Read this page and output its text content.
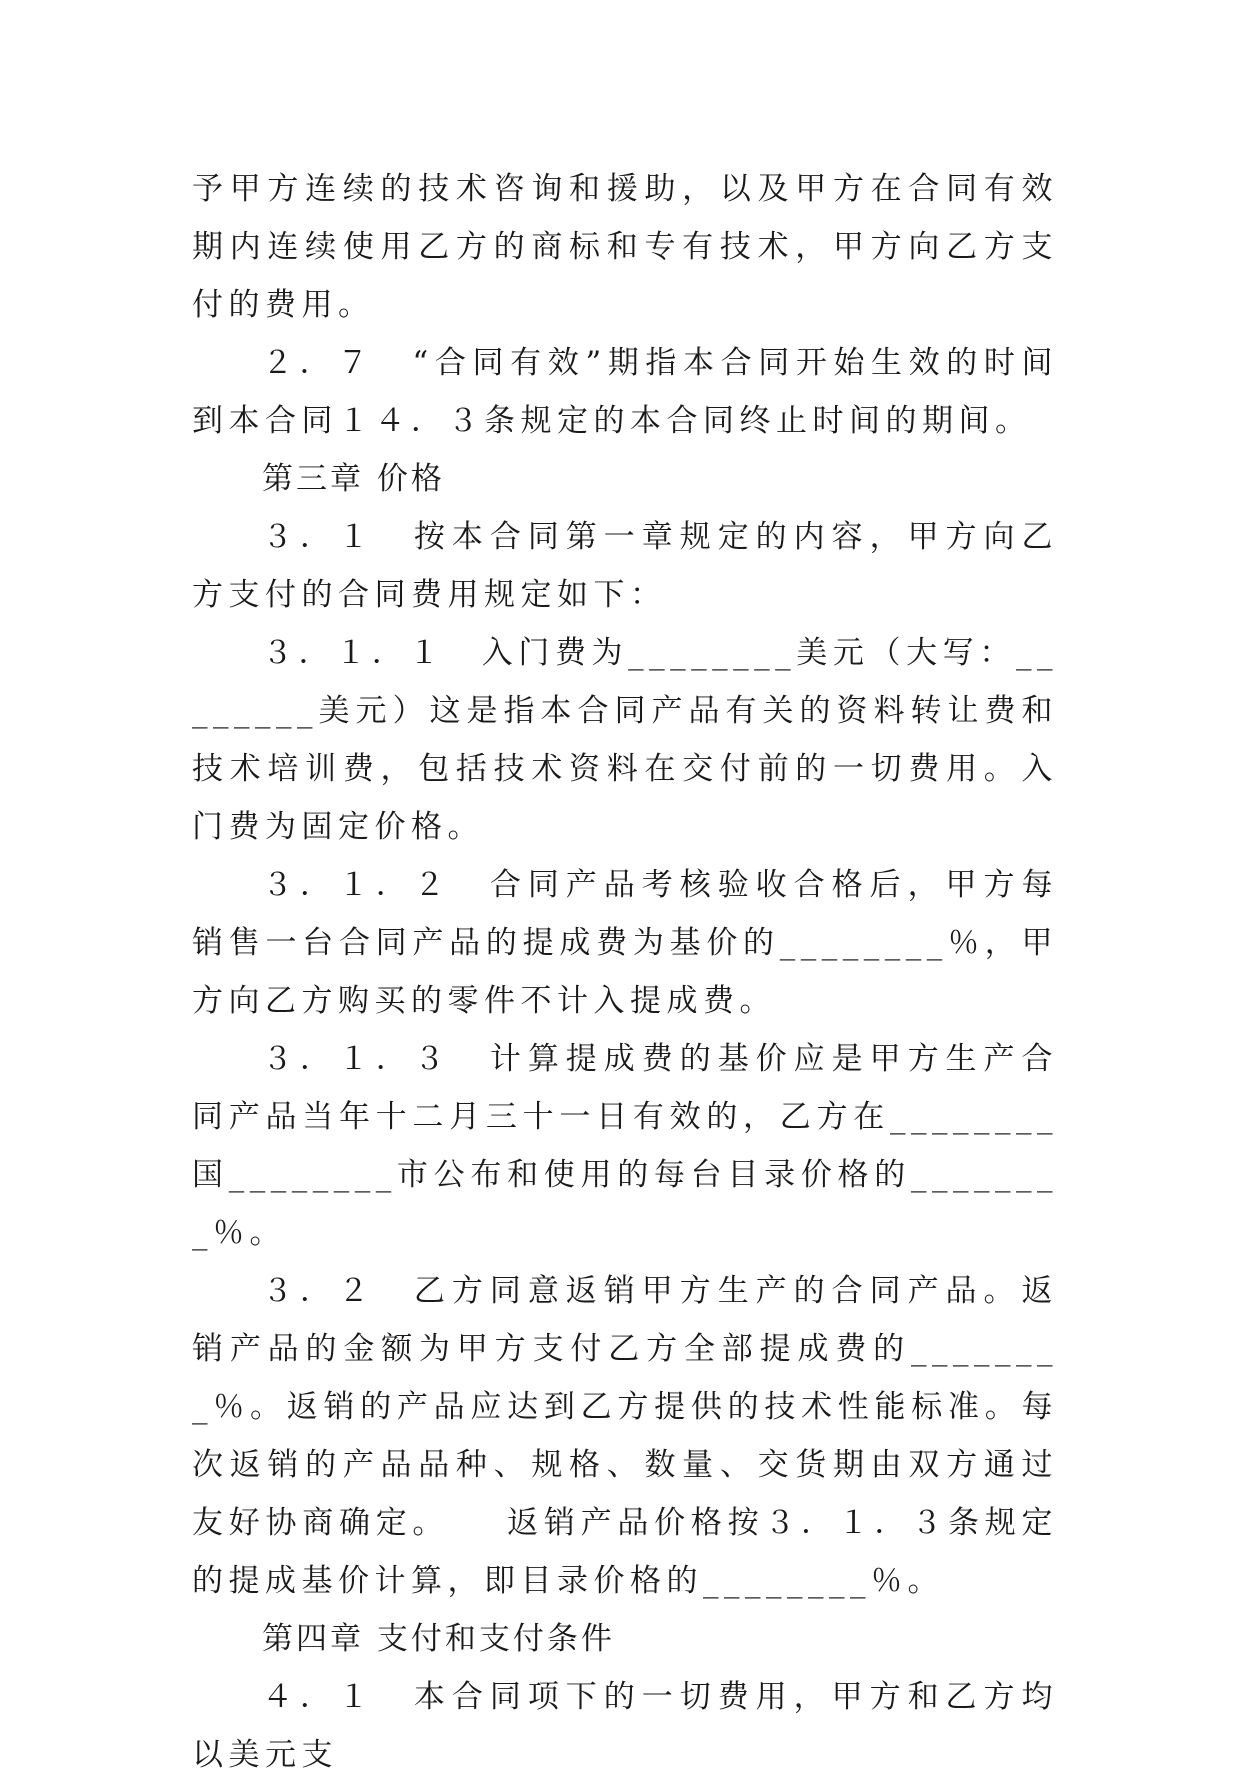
予甲方连续的技术咨询和援助，以及甲方在合同有效期内连续使用乙方的商标和专有技术，甲方向乙方支付的费用。

２．７　“合同有效”期指本合同开始生效的时间到本合同１４．３条规定的本合同终止时间的期间。

第三章 价格

３．１　按本合同第一章规定的内容，甲方向乙方支付的合同费用规定如下：

３．１．１　入门费为________美元（大写：________美元）这是指本合同产品有关的资料转让费和技术培训费，包括技术资料在交付前的一切费用。入门费为固定价格。

３．１．２　合同产品考核验收合格后，甲方每销售一台合同产品的提成费为基价的________％，甲方向乙方购买的零件不计入提成费。

３．１．３　计算提成费的基价应是甲方生产合同产品当年十二月三十一日有效的，乙方在________国________市公布和使用的每台目录价格的________％。

３．２　乙方同意返销甲方生产的合同产品。返销产品的金额为甲方支付乙方全部提成费的________％。返销的产品应达到乙方提供的技术性能标准。每次返销的产品品种、规格、数量、交货期由双方通过友好协商确定。　　返销产品价格按３．１．３条规定的提成基价计算，即目录价格的________％。

第四章 支付和支付条件

４．１　本合同项下的一切费用，甲方和乙方均以美元支
